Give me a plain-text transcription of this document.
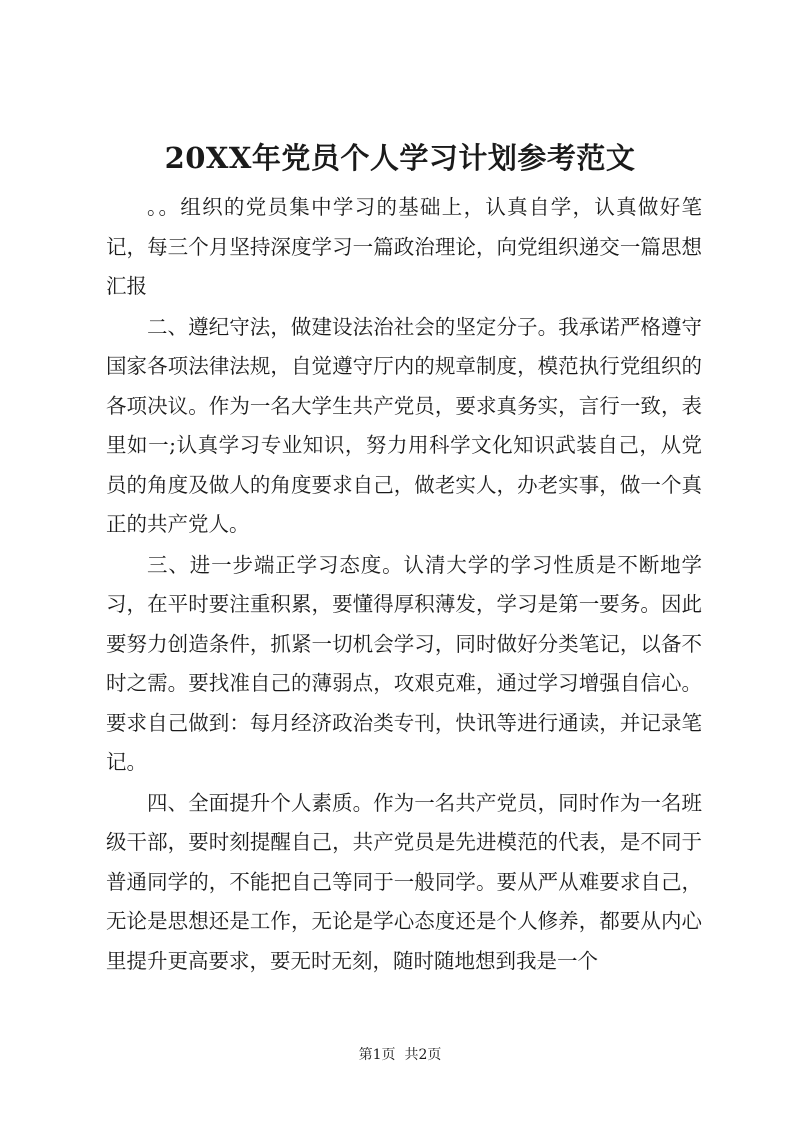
20XX年党员个人学习计划参考范文

。。组织的党员集中学习的基础上，认真自学，认真做好笔记，每三个月坚持深度学习一篇政治理论，向党组织递交一篇思想汇报

二、遵纪守法，做建设法治社会的坚定分子。我承诺严格遵守国家各项法律法规，自觉遵守厅内的规章制度，模范执行党组织的各项决议。作为一名大学生共产党员，要求真务实，言行一致，表里如一;认真学习专业知识，努力用科学文化知识武装自己，从党员的角度及做人的角度要求自己，做老实人，办老实事，做一个真正的共产党人。

三、进一步端正学习态度。认清大学的学习性质是不断地学习，在平时要注重积累，要懂得厚积薄发，学习是第一要务。因此要努力创造条件，抓紧一切机会学习，同时做好分类笔记，以备不时之需。要找准自己的薄弱点，攻艰克难，通过学习增强自信心。要求自己做到：每月经济政治类专刊，快讯等进行通读，并记录笔记。

四、全面提升个人素质。作为一名共产党员，同时作为一名班级干部，要时刻提醒自己，共产党员是先进模范的代表，是不同于普通同学的，不能把自己等同于一般同学。要从严从难要求自己，无论是思想还是工作，无论是学心态度还是个人修养，都要从内心里提升更高要求，要无时无刻，随时随地想到我是一个

第1页  共2页
